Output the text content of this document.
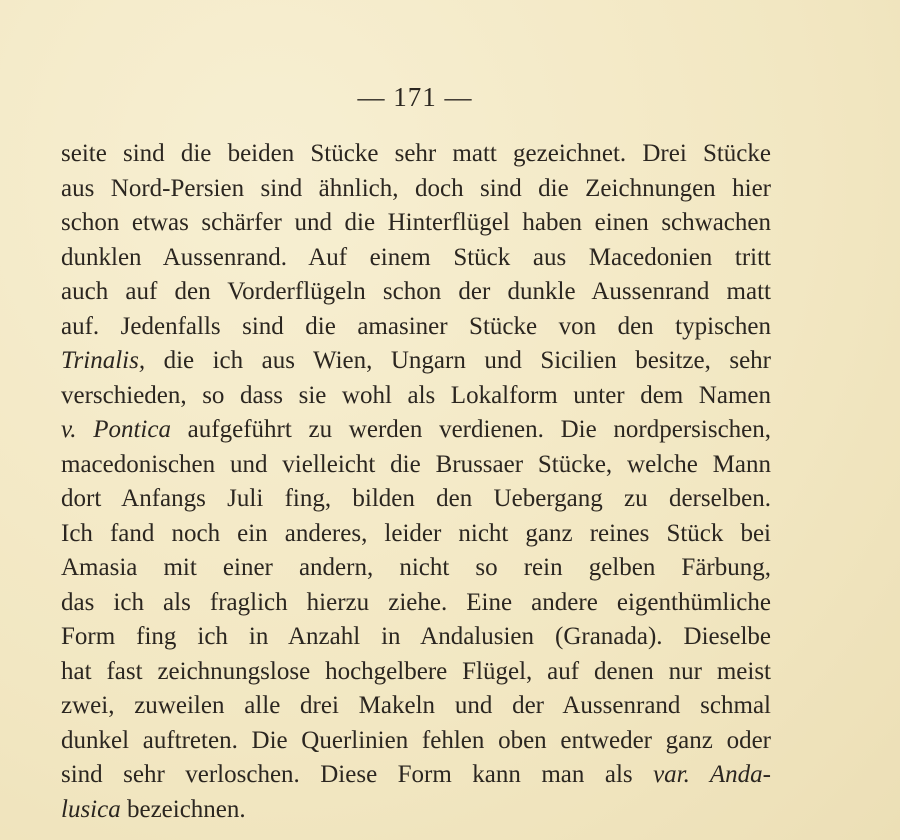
— 171 —
seite sind die beiden Stücke sehr matt gezeichnet. Drei Stücke
aus Nord-Persien sind ähnlich, doch sind die Zeichnungen hier
schon etwas schärfer und die Hinterflügel haben einen schwachen
dunklen Aussenrand. Auf einem Stück aus Macedonien tritt
auch auf den Vorderflügeln schon der dunkle Aussenrand matt
auf. Jedenfalls sind die amasiner Stücke von den typischen
Trinalis, die ich aus Wien, Ungarn und Sicilien besitze, sehr
verschieden, so dass sie wohl als Lokalform unter dem Namen
v. Pontica aufgeführt zu werden verdienen. Die nordpersischen,
macedonischen und vielleicht die Brussaer Stücke, welche Mann
dort Anfangs Juli fing, bilden den Uebergang zu derselben.
Ich fand noch ein anderes, leider nicht ganz reines Stück bei
Amasia mit einer andern, nicht so rein gelben Färbung,
das ich als fraglich hierzu ziehe. Eine andere eigenthümliche
Form fing ich in Anzahl in Andalusien (Granada). Dieselbe
hat fast zeichnungslose hochgelbere Flügel, auf denen nur meist
zwei, zuweilen alle drei Makeln und der Aussenrand schmal
dunkel auftreten. Die Querlinien fehlen oben entweder ganz oder
sind sehr verloschen. Diese Form kann man als var. Anda-
lusica bezeichnen.
